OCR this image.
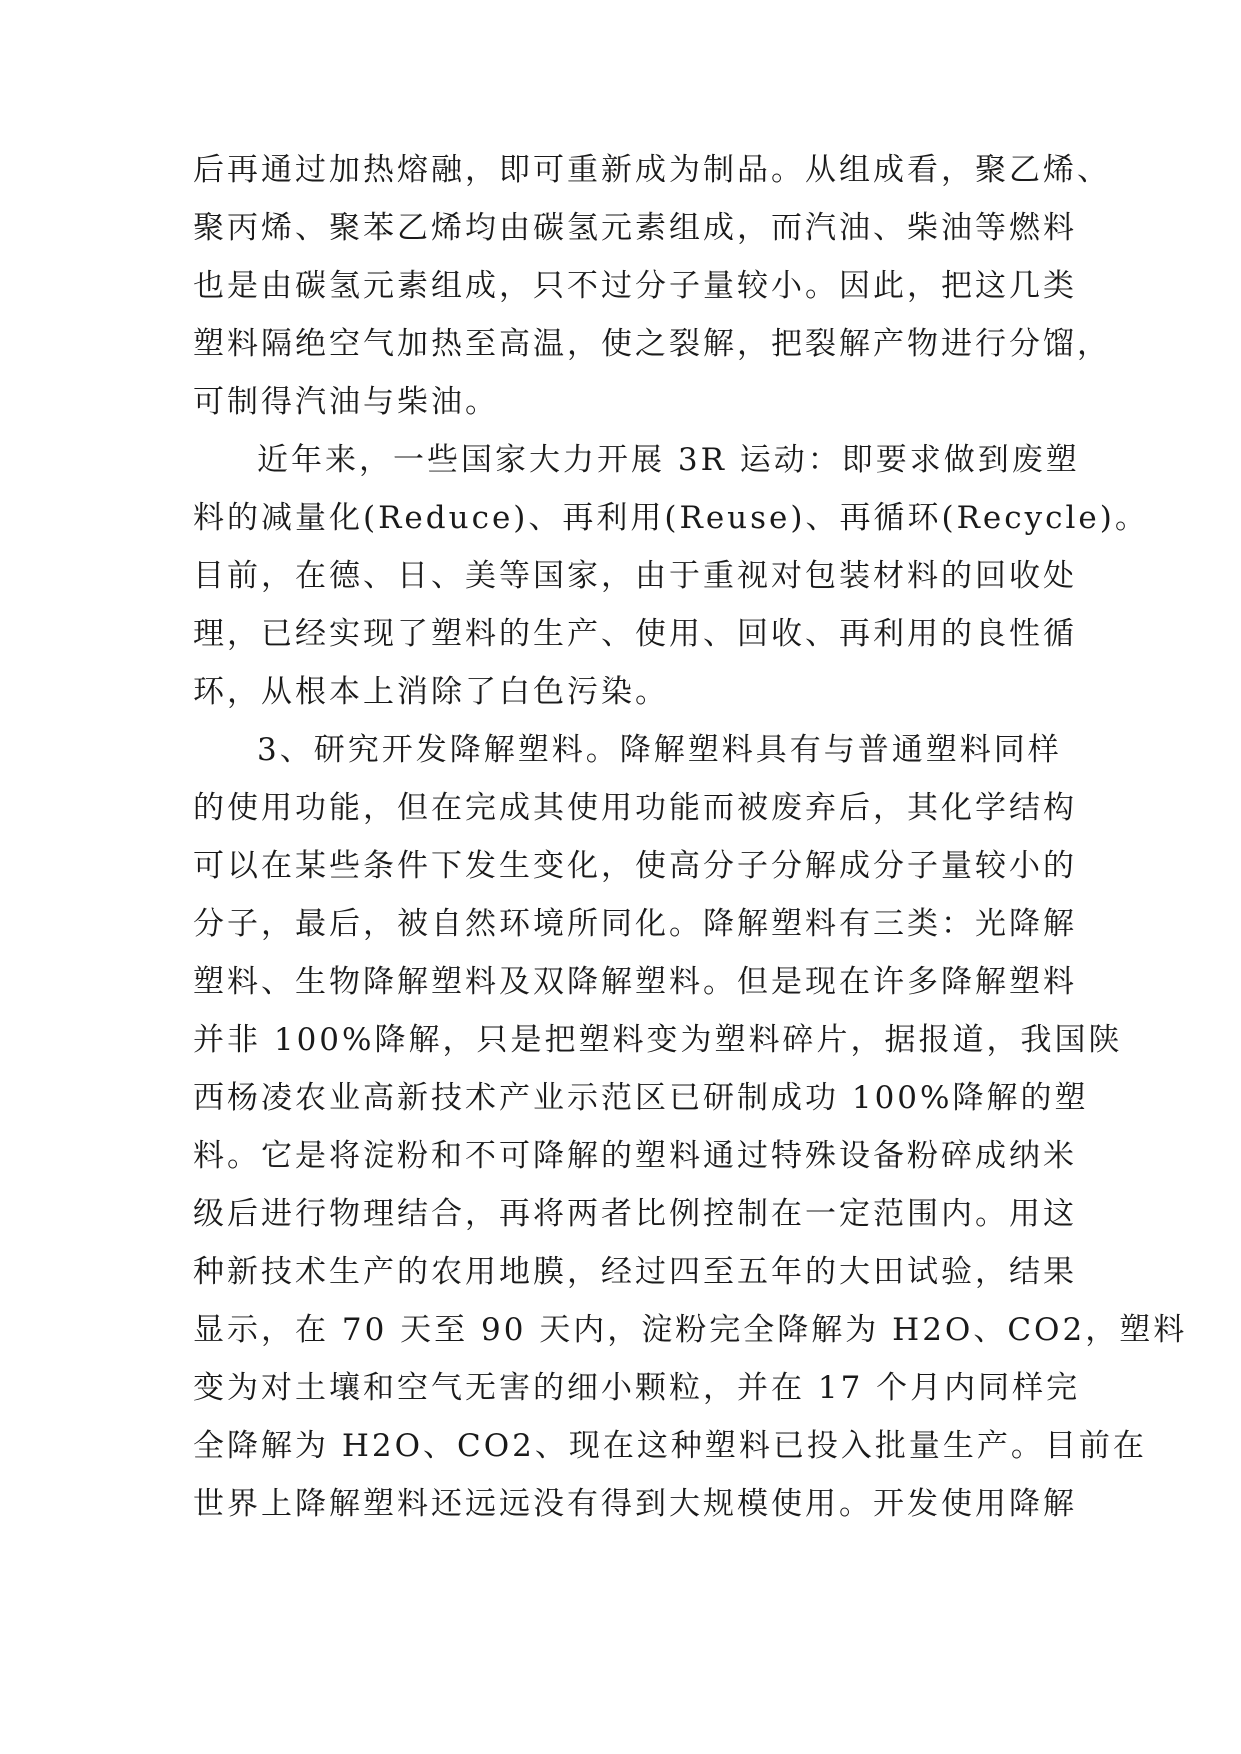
后再通过加热熔融，即可重新成为制品。从组成看，聚乙烯、
聚丙烯、聚苯乙烯均由碳氢元素组成，而汽油、柴油等燃料
也是由碳氢元素组成，只不过分子量较小。因此，把这几类
塑料隔绝空气加热至高温，使之裂解，把裂解产物进行分馏，
可制得汽油与柴油。
近年来，一些国家大力开展 3R 运动：即要求做到废塑
料的减量化(Reduce)、再利用(Reuse)、再循环(Recycle)。
目前，在德、日、美等国家，由于重视对包装材料的回收处
理，已经实现了塑料的生产、使用、回收、再利用的良性循
环，从根本上消除了白色污染。
3、研究开发降解塑料。降解塑料具有与普通塑料同样
的使用功能，但在完成其使用功能而被废弃后，其化学结构
可以在某些条件下发生变化，使高分子分解成分子量较小的
分子，最后，被自然环境所同化。降解塑料有三类：光降解
塑料、生物降解塑料及双降解塑料。但是现在许多降解塑料
并非 100%降解，只是把塑料变为塑料碎片，据报道，我国陕
西杨凌农业高新技术产业示范区已研制成功 100%降解的塑
料。它是将淀粉和不可降解的塑料通过特殊设备粉碎成纳米
级后进行物理结合，再将两者比例控制在一定范围内。用这
种新技术生产的农用地膜，经过四至五年的大田试验，结果
显示，在 70 天至 90 天内，淀粉完全降解为 H2O、CO2，塑料
变为对土壤和空气无害的细小颗粒，并在 17 个月内同样完
全降解为 H2O、CO2、现在这种塑料已投入批量生产。目前在
世界上降解塑料还远远没有得到大规模使用。开发使用降解
